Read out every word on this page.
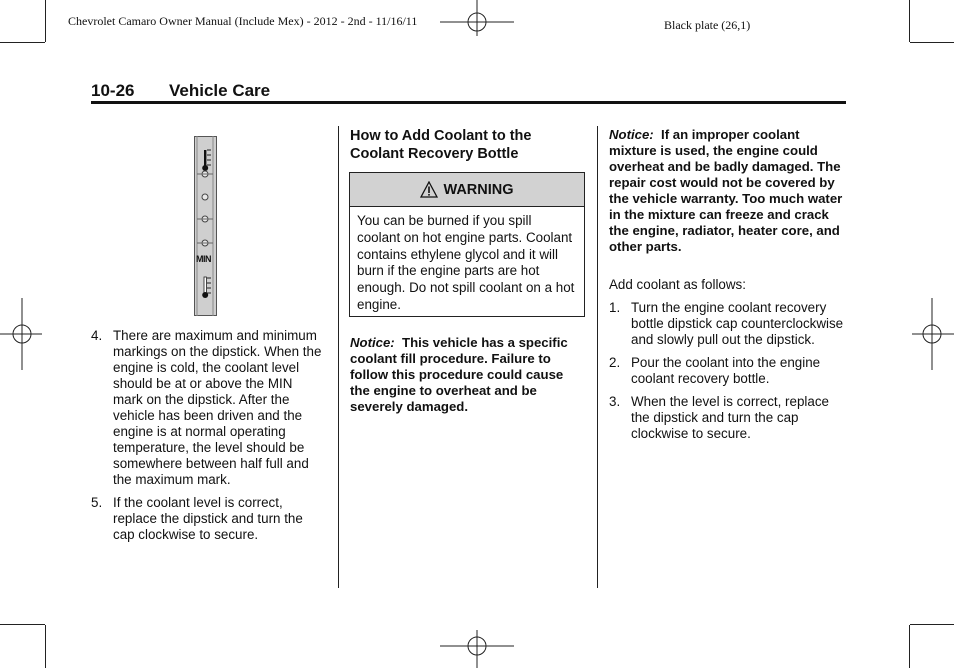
Chevrolet Camaro Owner Manual (Include Mex) - 2012 - 2nd - 11/16/11	Black plate (26,1)
10-26 Vehicle Care
MIN
4. There are maximum and minimum markings on the dipstick. When the engine is cold, the coolant level should be at or above the MIN mark on the dipstick. After the vehicle has been driven and the engine is at normal operating temperature, the level should be somewhere between half full and the maximum mark.
5. If the coolant level is correct, replace the dipstick and turn the cap clockwise to secure.
How to Add Coolant to the Coolant Recovery Bottle
WARNING
You can be burned if you spill coolant on hot engine parts. Coolant contains ethylene glycol and it will burn if the engine parts are hot enough. Do not spill coolant on a hot engine.
Notice: This vehicle has a specific coolant fill procedure. Failure to follow this procedure could cause the engine to overheat and be severely damaged.
Notice: If an improper coolant mixture is used, the engine could overheat and be badly damaged. The repair cost would not be covered by the vehicle warranty. Too much water in the mixture can freeze and crack the engine, radiator, heater core, and other parts.
Add coolant as follows:
1. Turn the engine coolant recovery bottle dipstick cap counterclockwise and slowly pull out the dipstick.
2. Pour the coolant into the engine coolant recovery bottle.
3. When the level is correct, replace the dipstick and turn the cap clockwise to secure.
